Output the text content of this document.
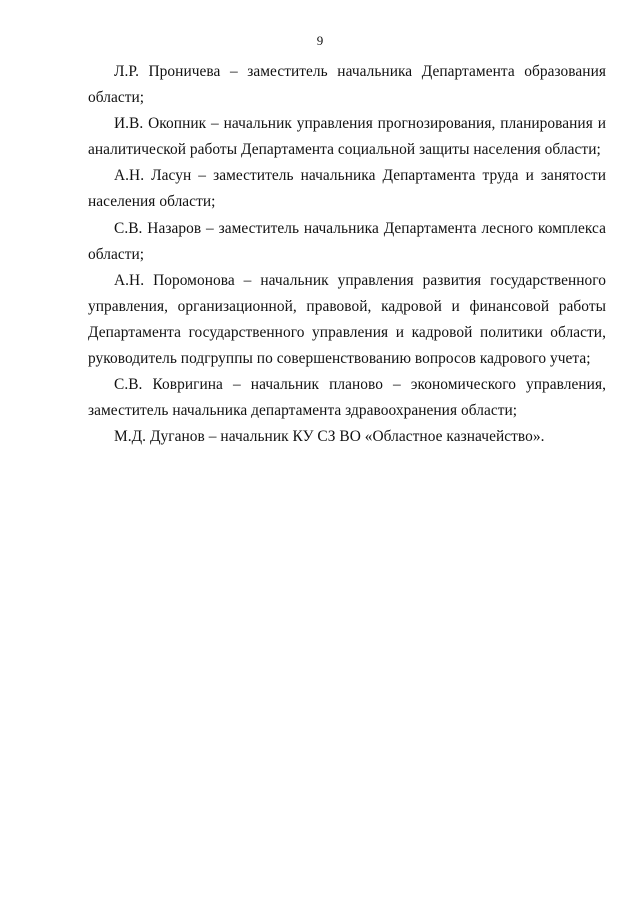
9

Л.Р. Проничева – заместитель начальника Департамента образования области;

И.В. Окопник – начальник управления прогнозирования, планирования и аналитической работы Департамента социальной защиты населения области;

А.Н. Ласун – заместитель начальника Департамента труда и занятости населения области;

С.В. Назаров – заместитель начальника Департамента лесного комплекса области;

А.Н. Поромонова – начальник управления развития государственного управления, организационной, правовой, кадровой и финансовой работы Департамента государственного управления и кадровой политики области, руководитель подгруппы по совершенствованию вопросов кадрового учета;

С.В. Ковригина – начальник планово – экономического управления, заместитель начальника департамента здравоохранения области;

М.Д. Дуганов – начальник КУ СЗ ВО «Областное казначейство».
